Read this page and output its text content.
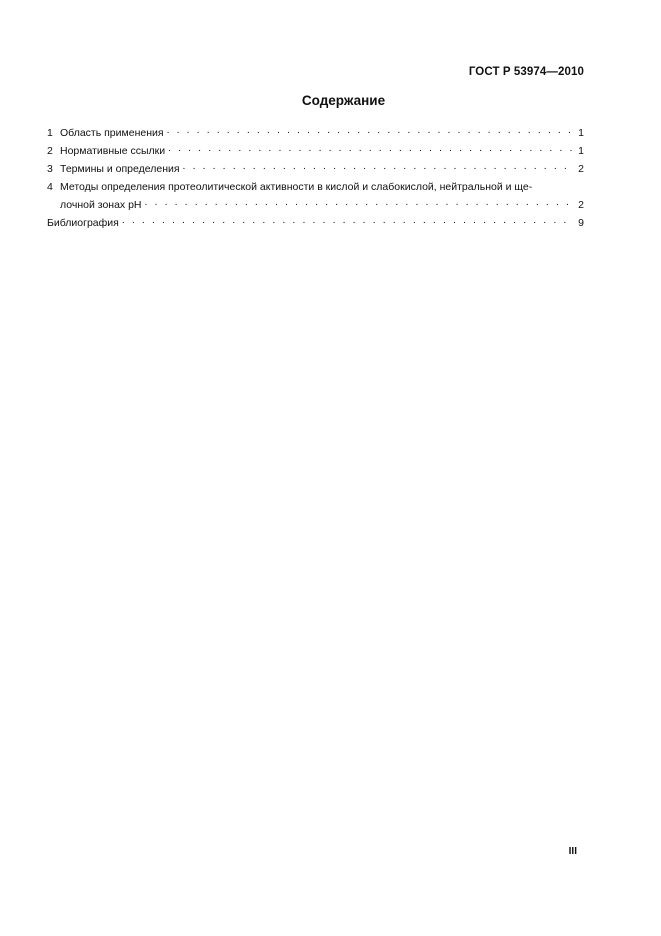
ГОСТ Р 53974—2010
Содержание
1 Область применения . . .	1
2 Нормативные ссылки . . .	1
3 Термины и определения . . .	2
4 Методы определения протеолитической активности в кислой и слабокислой, нейтральной и ще-
лочной зонах pH . . .	2
Библиография . . .	9
III
